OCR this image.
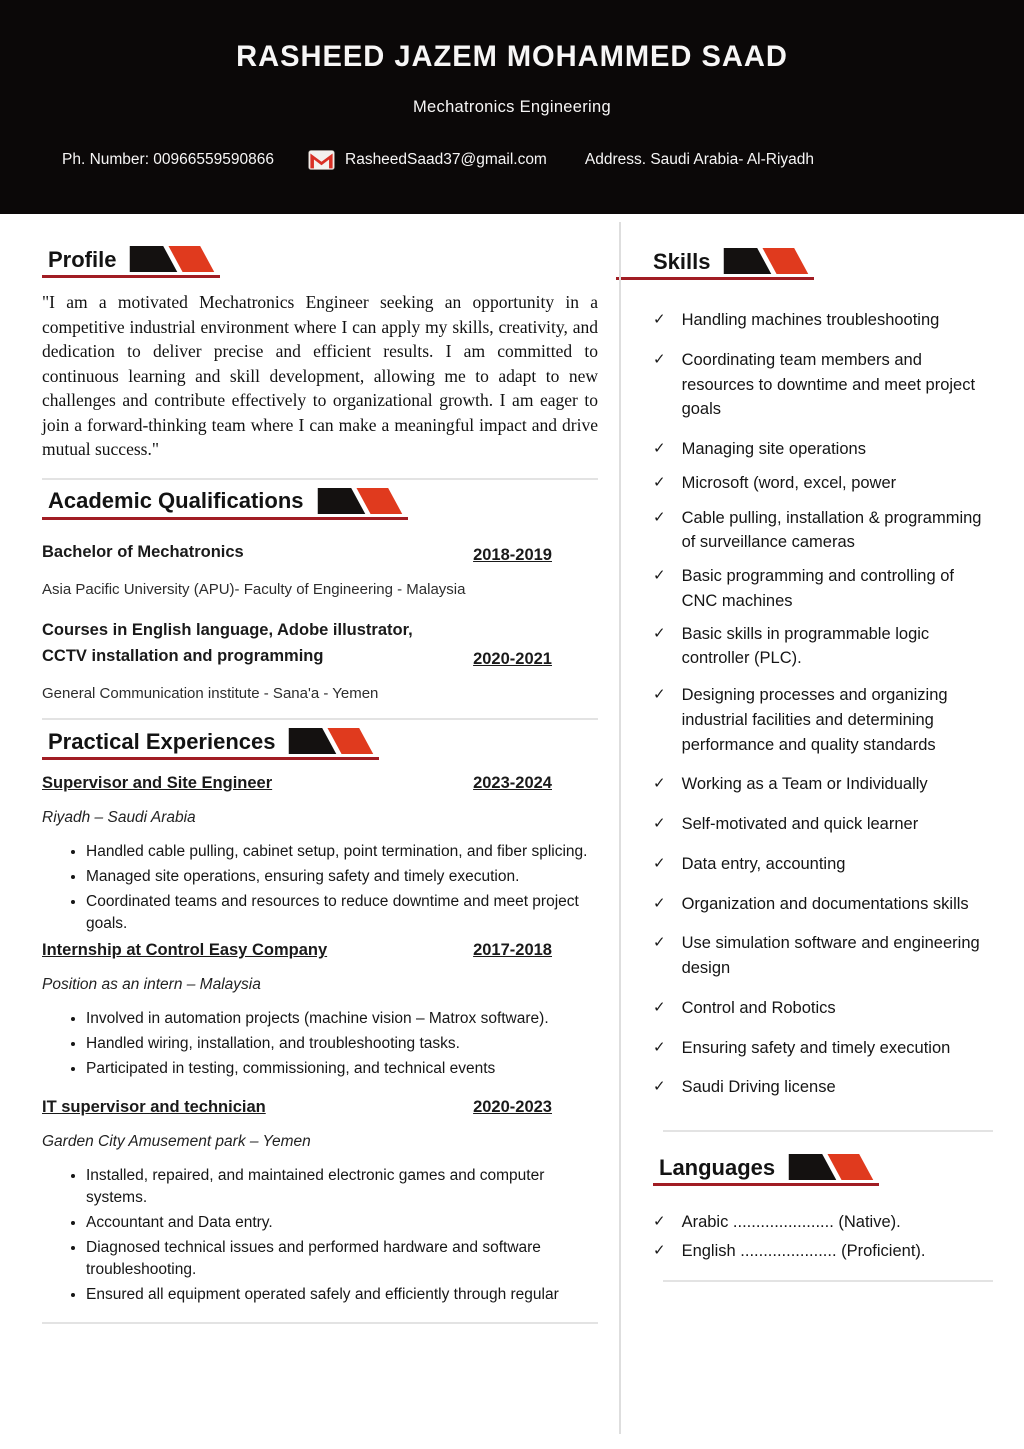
RASHEED JAZEM MOHAMMED SAAD
Mechatronics Engineering
Ph. Number: 00966559590866	RasheedSaad37@gmail.com Address. Saudi Arabia- Al-Riyadh
Profile
"I am a motivated Mechatronics Engineer seeking an opportunity in a competitive industrial environment where I can apply my skills, creativity, and dedication to deliver precise and efficient results. I am committed to continuous learning and skill development, allowing me to adapt to new challenges and contribute effectively to organizational growth. I am eager to join a forward-thinking team where I can make a meaningful impact and drive mutual success."
Academic Qualifications
Bachelor of Mechatronics	2018-2019
Asia Pacific University (APU)- Faculty of Engineering - Malaysia
Courses in English language, Adobe illustrator, CCTV installation and programming	2020-2021
General Communication institute - Sana'a - Yemen
Practical Experiences
Supervisor and Site Engineer	2023-2024
Riyadh – Saudi Arabia
• Handled cable pulling, cabinet setup, point termination, and fiber splicing.
• Managed site operations, ensuring safety and timely execution.
• Coordinated teams and resources to reduce downtime and meet project goals.
Internship at Control Easy Company	2017-2018
Position as an intern – Malaysia
• Involved in automation projects (machine vision – Matrox software).
• Handled wiring, installation, and troubleshooting tasks.
• Participated in testing, commissioning, and technical events
IT supervisor and technician	2020-2023
Garden City Amusement park – Yemen
• Installed, repaired, and maintained electronic games and computer systems.
• Accountant and Data entry.
• Diagnosed technical issues and performed hardware and software troubleshooting.
• Ensured all equipment operated safely and efficiently through regular
Skills
✓ Handling machines troubleshooting
✓ Coordinating team members and resources to downtime and meet project goals
✓ Managing site operations
✓ Microsoft (word, excel, power
✓ Cable pulling, installation & programming of surveillance cameras
✓ Basic programming and controlling of CNC machines
✓ Basic skills in programmable logic controller (PLC).
✓ Designing processes and organizing industrial facilities and determining performance and quality standards
✓ Working as a Team or Individually
✓ Self-motivated and quick learner
✓ Data entry, accounting
✓ Organization and documentations skills
✓ Use simulation software and engineering design
✓ Control and Robotics
✓ Ensuring safety and timely execution
✓ Saudi Driving license
Languages
✓ Arabic ...................... (Native).
✓ English ..................... (Proficient).
